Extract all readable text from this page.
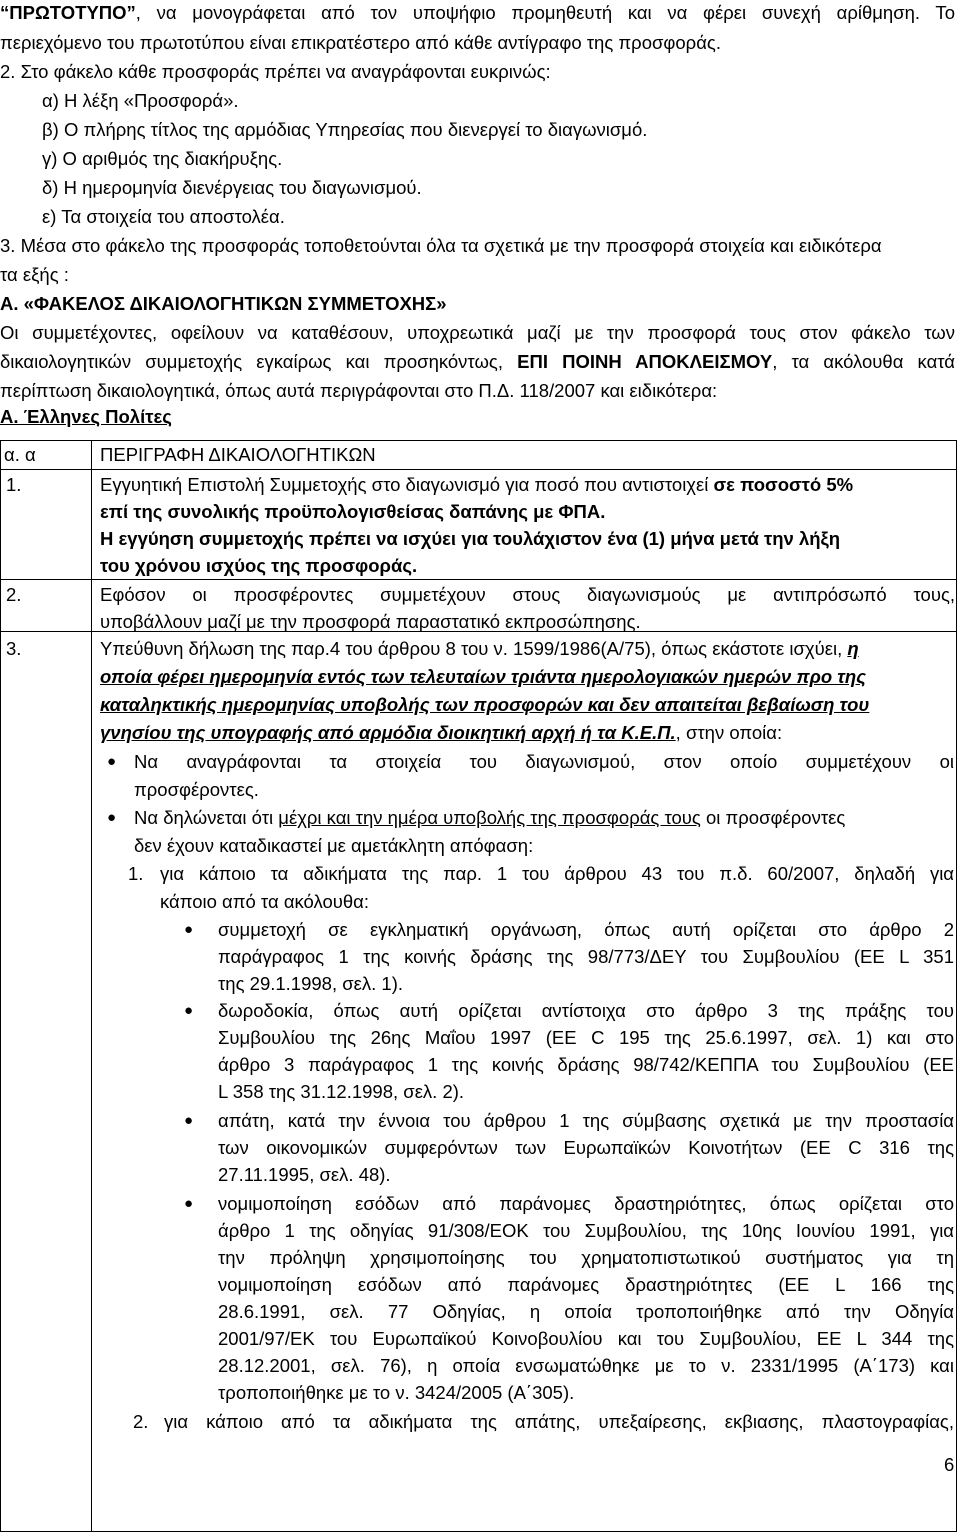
“ΠΡΩΤΟΤΥΠΟ”, να μονογράφεται από τον υποψήφιο προμηθευτή και να φέρει συνεχή αρίθμηση. Το
περιεχόμενο του πρωτοτύπου είναι επικρατέστερο από κάθε αντίγραφο της προσφοράς.
2. Στο φάκελο κάθε προσφοράς πρέπει να αναγράφονται ευκρινώς:
α) Η λέξη «Προσφορά».
β) Ο πλήρης τίτλος της αρμόδιας Υπηρεσίας που διενεργεί το διαγωνισμό.
γ) Ο αριθμός της διακήρυξης.
δ) Η ημερομηνία διενέργειας του διαγωνισμού.
ε) Τα στοιχεία του αποστολέα.
3. Μέσα στο φάκελο της προσφοράς τοποθετούνται όλα τα σχετικά με την προσφορά στοιχεία και ειδικότερα
τα εξής :
Α. «ΦΑΚΕΛΟΣ ΔΙΚΑΙΟΛΟΓΗΤΙΚΩΝ ΣΥΜΜΕΤΟΧΗΣ»
Οι συμμετέχοντες, οφείλουν να καταθέσουν, υποχρεωτικά μαζί με την προσφορά τους στον φάκελο των
δικαιολογητικών συμμετοχής εγκαίρως και προσηκόντως, ΕΠΙ ΠΟΙΝΗ ΑΠΟΚΛΕΙΣΜΟΥ, τα ακόλουθα κατά
περίπτωση δικαιολογητικά, όπως αυτά περιγράφονται στο Π.Δ. 118/2007 και ειδικότερα:
Α. Έλληνες Πολίτες

α. α	ΠΕΡΙΓΡΑΦΗ ΔΙΚΑΙΟΛΟΓΗΤΙΚΩΝ
1.	Εγγυητική Επιστολή Συμμετοχής στο διαγωνισμό για ποσό που αντιστοιχεί σε ποσοστό 5%
επί της συνολικής προϋπολογισθείσας δαπάνης με ΦΠΑ.
Η εγγύηση συμμετοχής πρέπει να ισχύει για τουλάχιστον ένα (1) μήνα μετά την λήξη
του χρόνου ισχύος της προσφοράς.
2.	Εφόσον οι προσφέροντες συμμετέχουν στους διαγωνισμούς με αντιπρόσωπό τους,
υποβάλλουν μαζί με την προσφορά παραστατικό εκπροσώπησης.
3.	Υπεύθυνη δήλωση της παρ.4 του άρθρου 8 του ν. 1599/1986(Α/75), όπως εκάστοτε ισχύει, η
οποία φέρει ημερομηνία εντός των τελευταίων τριάντα ημερολογιακών ημερών προ της
καταληκτικής ημερομηνίας υποβολής των προσφορών και δεν απαιτείται βεβαίωση του
γνησίου της υπογραφής από αρμόδια διοικητική αρχή ή τα Κ.Ε.Π., στην οποία:
● Να αναγράφονται τα στοιχεία του διαγωνισμού, στον οποίο συμμετέχουν οι
προσφέροντες.
● Να δηλώνεται ότι μέχρι και την ημέρα υποβολής της προσφοράς τους οι προσφέροντες
δεν έχουν καταδικαστεί με αμετάκλητη απόφαση:
1. για κάποιο τα αδικήματα της παρ. 1 του άρθρου 43 του π.δ. 60/2007, δηλαδή για
κάποιο από τα ακόλουθα:
● συμμετοχή σε εγκληματική οργάνωση, όπως αυτή ορίζεται στο άρθρο 2
παράγραφος 1 της κοινής δράσης της 98/773/ΔΕΥ του Συμβουλίου (ΕΕ L 351
της 29.1.1998, σελ. 1).
● δωροδοκία, όπως αυτή ορίζεται αντίστοιχα στο άρθρο 3 της πράξης του
Συμβουλίου της 26ης Μαΐου 1997 (ΕΕ C 195 της 25.6.1997, σελ. 1) και στο
άρθρο 3 παράγραφος 1 της κοινής δράσης 98/742/ΚΕΠΠΑ του Συμβουλίου (ΕΕ
L 358 της 31.12.1998, σελ. 2).
● απάτη, κατά την έννοια του άρθρου 1 της σύμβασης σχετικά με την προστασία
των οικονομικών συμφερόντων των Ευρωπαϊκών Κοινοτήτων (ΕΕ C 316 της
27.11.1995, σελ. 48).
● νομιμοποίηση εσόδων από παράνομες δραστηριότητες, όπως ορίζεται στο
άρθρο 1 της οδηγίας 91/308/ΕΟΚ του Συμβουλίου, της 10ης Ιουνίου 1991, για
την πρόληψη χρησιμοποίησης του χρηματοπιστωτικού συστήματος για τη
νομιμοποίηση εσόδων από παράνομες δραστηριότητες (ΕΕ L 166 της
28.6.1991, σελ. 77 Οδηγίας, η οποία τροποποιήθηκε από την Οδηγία
2001/97/ΕΚ του Ευρωπαϊκού Κοινοβουλίου και του Συμβουλίου, ΕΕ L 344 της
28.12.2001, σελ. 76), η οποία ενσωματώθηκε με το ν. 2331/1995 (Α΄173) και
τροποποιήθηκε με το ν. 3424/2005 (Α΄305).
2. για κάποιο από τα αδικήματα της απάτης, υπεξαίρεσης, εκβιασης, πλαστογραφίας,
6
